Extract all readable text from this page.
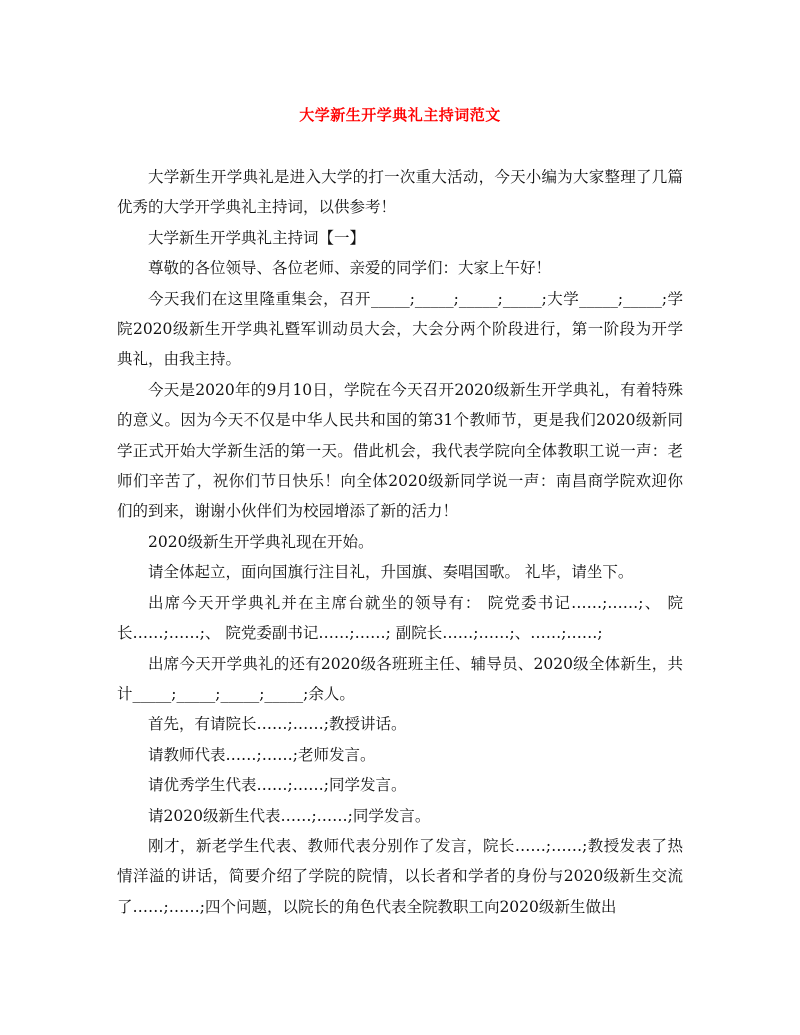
大学新生开学典礼主持词范文

大学新生开学典礼是进入大学的打一次重大活动，今天小编为大家整理了几篇优秀的大学开学典礼主持词，以供参考！

大学新生开学典礼主持词【一】

尊敬的各位领导、各位老师、亲爱的同学们：大家上午好！

今天我们在这里隆重集会，召开_____;_____;_____;_____;大学_____;_____;学院2020级新生开学典礼暨军训动员大会，大会分两个阶段进行，第一阶段为开学典礼，由我主持。

今天是2020年的9月10日，学院在今天召开2020级新生开学典礼，有着特殊的意义。因为今天不仅是中华人民共和国的第31个教师节，更是我们2020级新同学正式开始大学新生活的第一天。借此机会，我代表学院向全体教职工说一声：老师们辛苦了，祝你们节日快乐！向全体2020级新同学说一声：南昌商学院欢迎你们的到来，谢谢小伙伴们为校园增添了新的活力！

2020级新生开学典礼现在开始。

请全体起立，面向国旗行注目礼，升国旗、奏唱国歌。 礼毕，请坐下。

出席今天开学典礼并在主席台就坐的领导有： 院党委书记……;……;、 院长……;……;、 院党委副书记……;……; 副院长……;……;、……;……;

出席今天开学典礼的还有2020级各班班主任、辅导员、2020级全体新生，共计_____;_____;_____;_____;余人。

首先，有请院长……;……;教授讲话。

请教师代表……;……;老师发言。

请优秀学生代表……;……;同学发言。

请2020级新生代表……;……;同学发言。

刚才，新老学生代表、教师代表分别作了发言，院长……;……;教授发表了热情洋溢的讲话，简要介绍了学院的院情，以长者和学者的身份与2020级新生交流了……;……;四个问题，以院长的角色代表全院教职工向2020级新生做出
